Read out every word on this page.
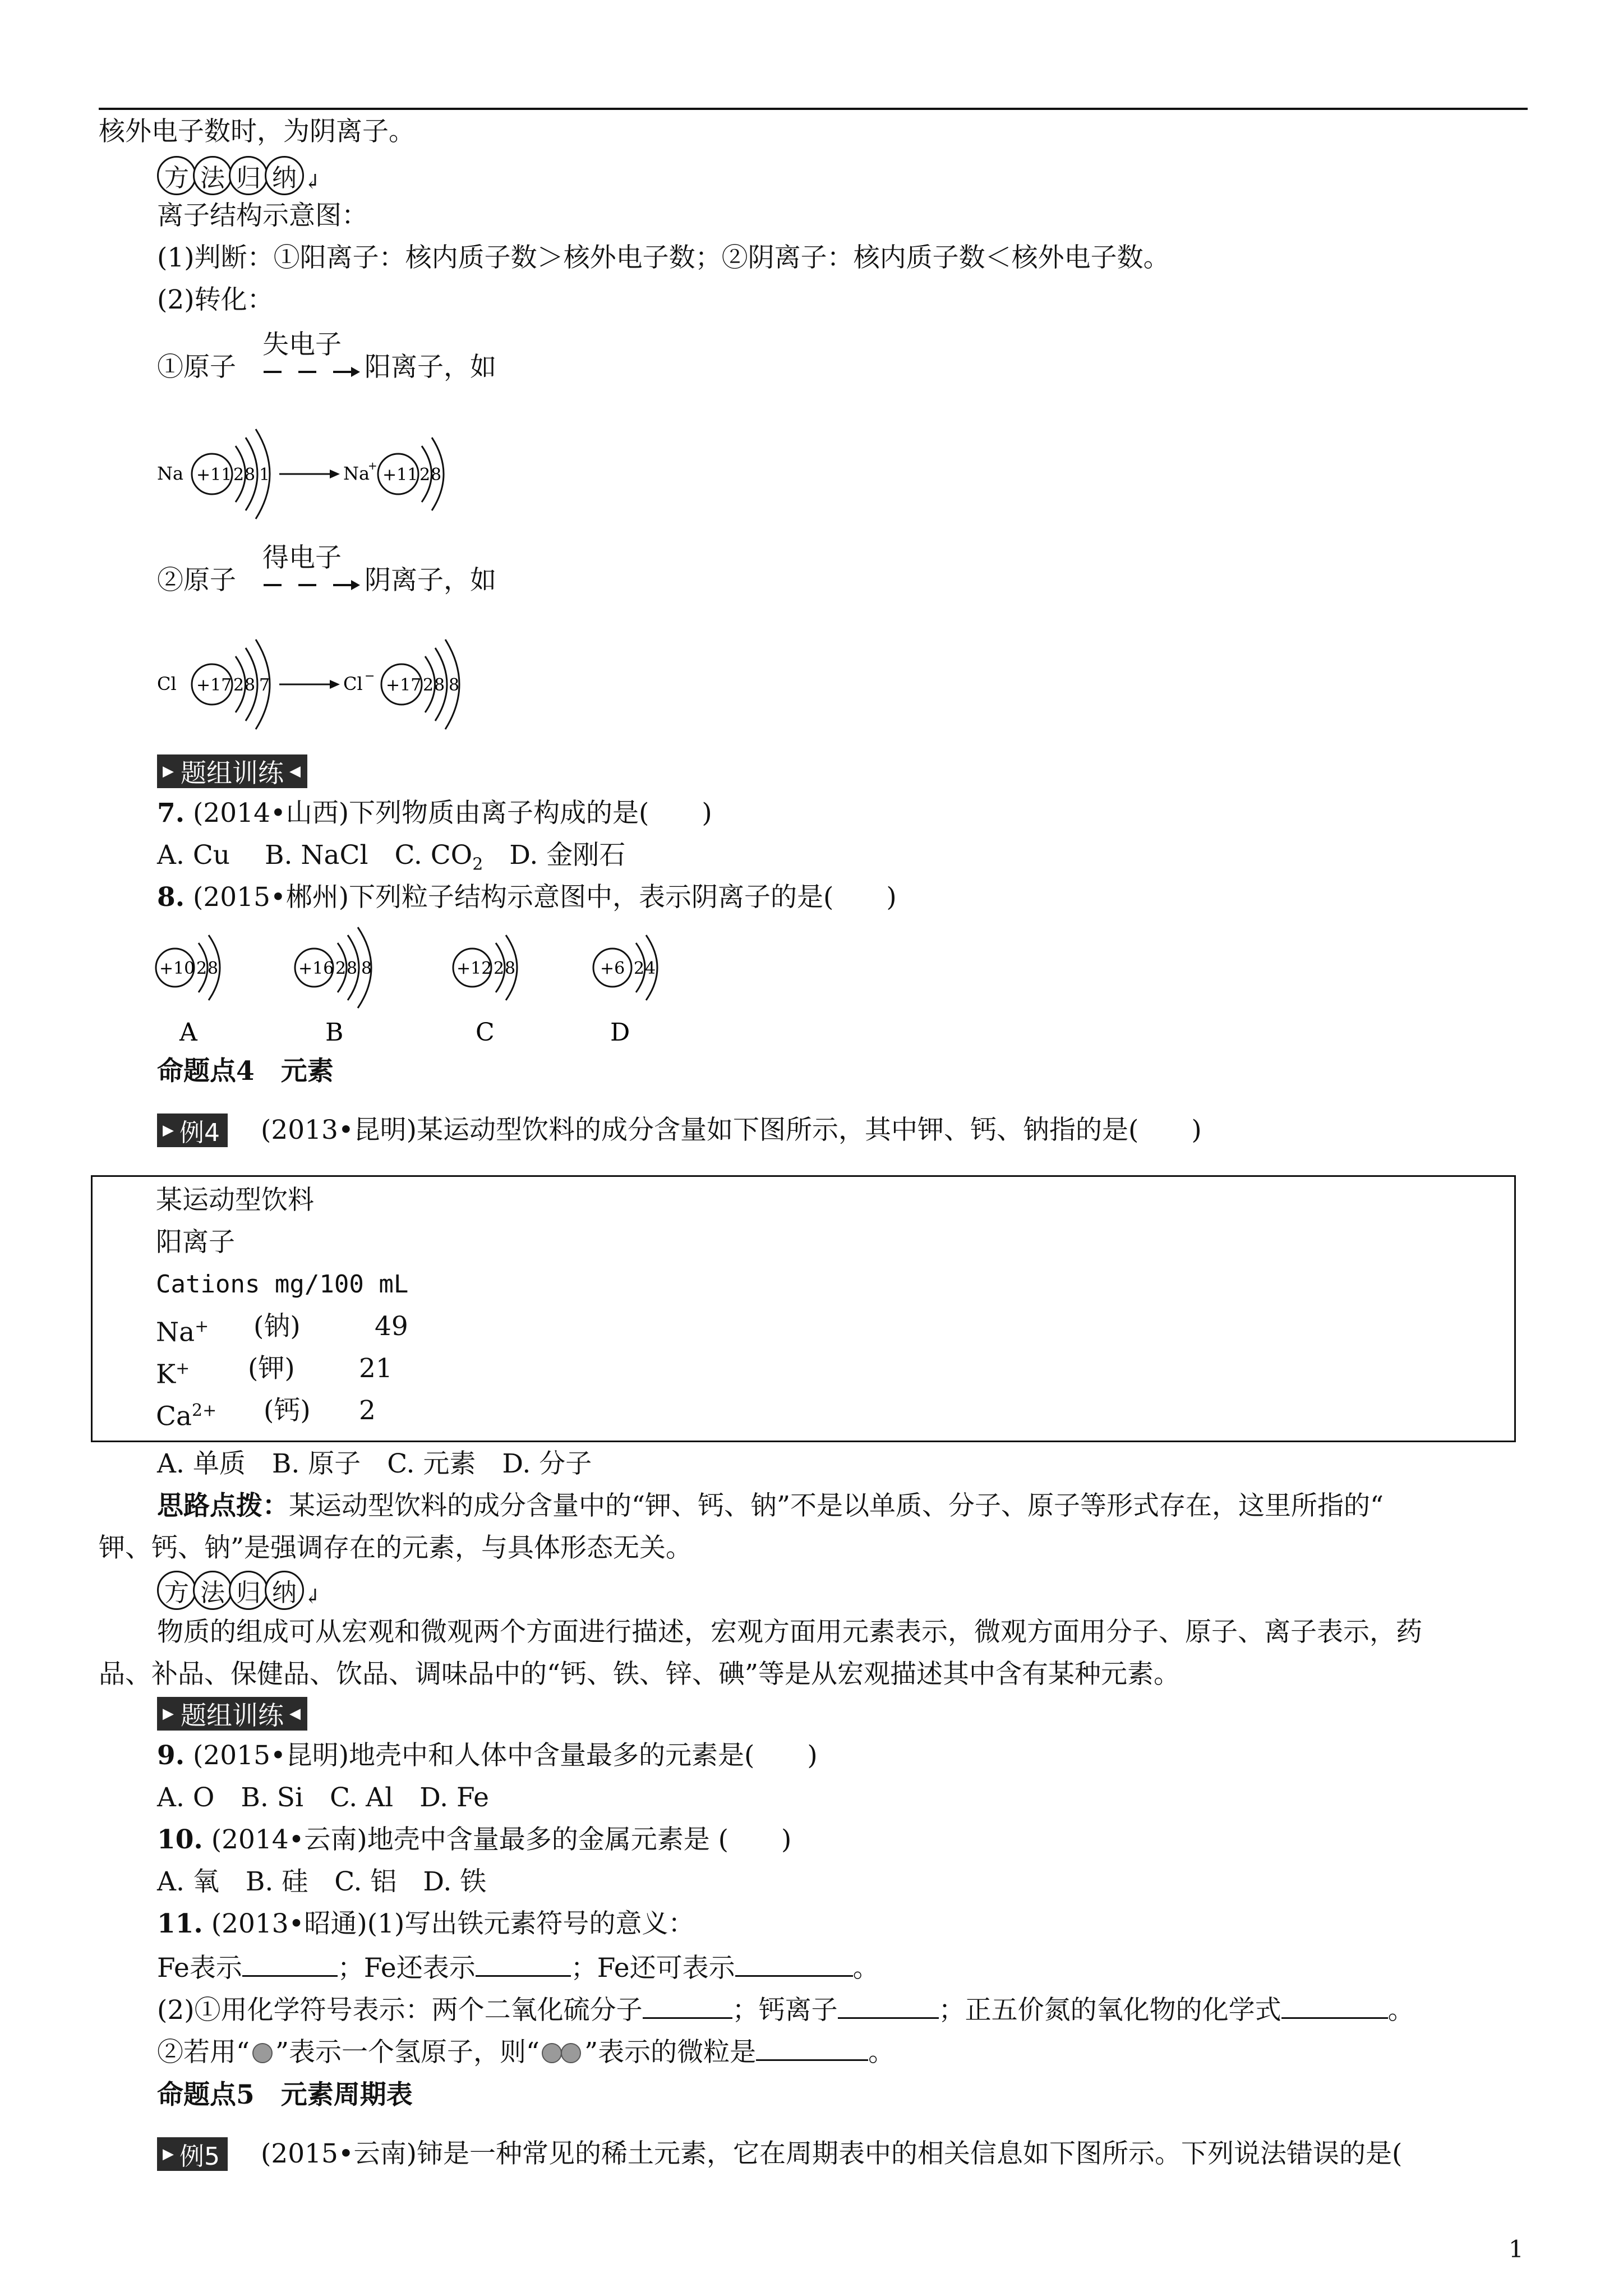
核外电子数时，为阴离子。
方 法 归 纳 ↲
离子结构示意图：
(1)判断：①阳离子：核内质子数＞核外电子数；②阴离子：核内质子数＜核外电子数。
(2)转化：
①原子
失电子
阳离子，如
Na +11 2 8 1	Na
+ +11 2 8
②原子
得电子
阴离子，如
Cl +17 2 8 7	Cl − +17 2 8 8
▶ 题组训练 ◀
7. (2014•山西)下列物质由离子构成的是(　　)
A. Cu　 B. NaCl　C. $CO_2$　D. 金刚石
8. (2015•郴州)下列粒子结构示意图中，表示阴离子的是(　　)
+10 2 8
A
+16 2 8 8
B
+12 2 8
C
+6 2 4
D
命题点4　元素
▶ 例4 (2013•昆明)某运动型饮料的成分含量如下图所示，其中钾、钙、钠指的是(　　)
某运动型饮料
阳离子
Cations mg/100 mL
Na+ (钠)	49
K+ (钾) 21
$Ca^{2+}$ (钙) 2
A. 单质　B. 原子　C. 元素　D. 分子
思路点拨：某运动型饮料的成分含量中的“钾、钙、钠”不是以单质、分子、原子等形式存在，这里所指的“
钾、钙、钠”是强调存在的元素，与具体形态无关。
方 法 归 纳 ↲
物质的组成可从宏观和微观两个方面进行描述，宏观方面用元素表示，微观方面用分子、原子、离子表示，药
品、补品、保健品、饮品、调味品中的“钙、铁、锌、碘”等是从宏观描述其中含有某种元素。
▶ 题组训练 ◀
9. (2015•昆明)地壳中和人体中含量最多的元素是(　　)
A. O　B. Si　C. Al　D. Fe
10. (2014•云南)地壳中含量最多的金属元素是 (　　)
A. 氧　B. 硅　C. 铝　D. 铁
11. (2013•昭通)(1)写出铁元素符号的意义：
Fe表示	；Fe还表示	；Fe还可表示	。
(2)①用化学符号表示：两个二氧化硫分子	；钙离子	；正五价氮的氧化物的化学式	。
②若用“ ”表示一个氢原子，则“ ”表示的微粒是	。
命题点5　元素周期表
▶ 例5 (2015•云南)铈是一种常见的稀土元素，它在周期表中的相关信息如下图所示。下列说法错误的是(
1
